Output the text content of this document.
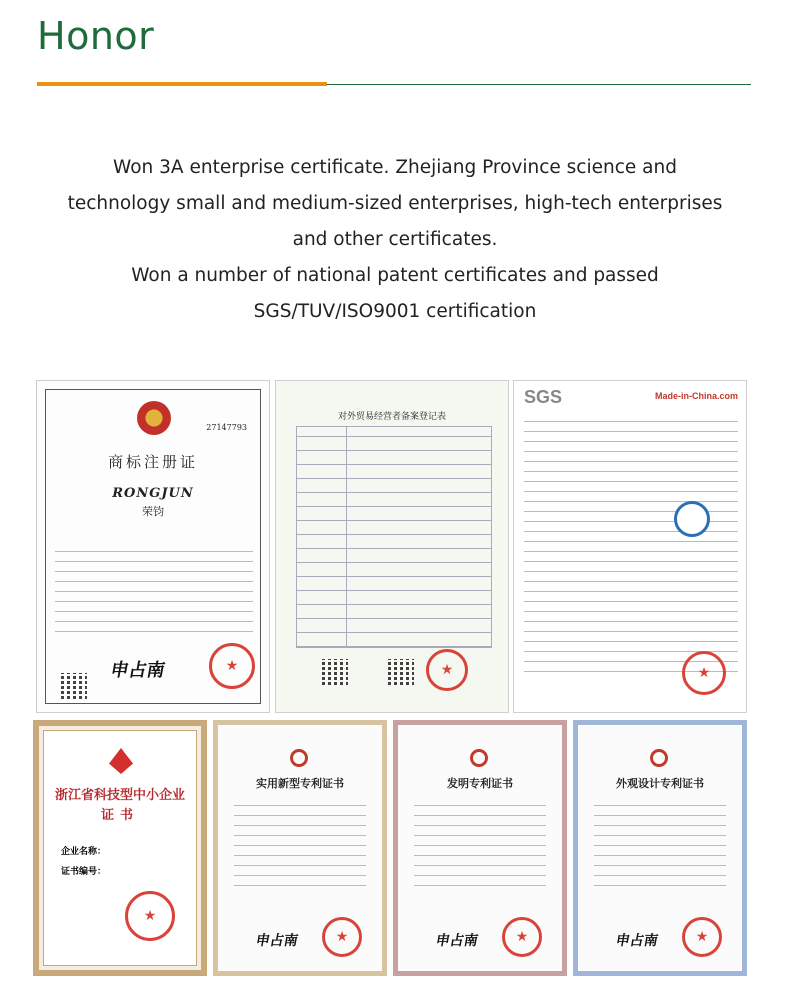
Honor
Won 3A enterprise certificate. Zhejiang Province science and
technology small and medium-sized enterprises, high-tech enterprises
and other certificates.
Won a number of national patent certificates and passed
SGS/TUV/ISO9001 certification
27147793
商标注册证
RONGJUN
荣钧
★
申占南
对外贸易经营者备案登记表
★
SGS	Made-in-China.com
★
浙江省科技型中小企业
证书
企业名称：
证书编号：
★
实用新型专利证书
申占南
★
发明专利证书
申占南
★
外观设计专利证书
申占南
★
